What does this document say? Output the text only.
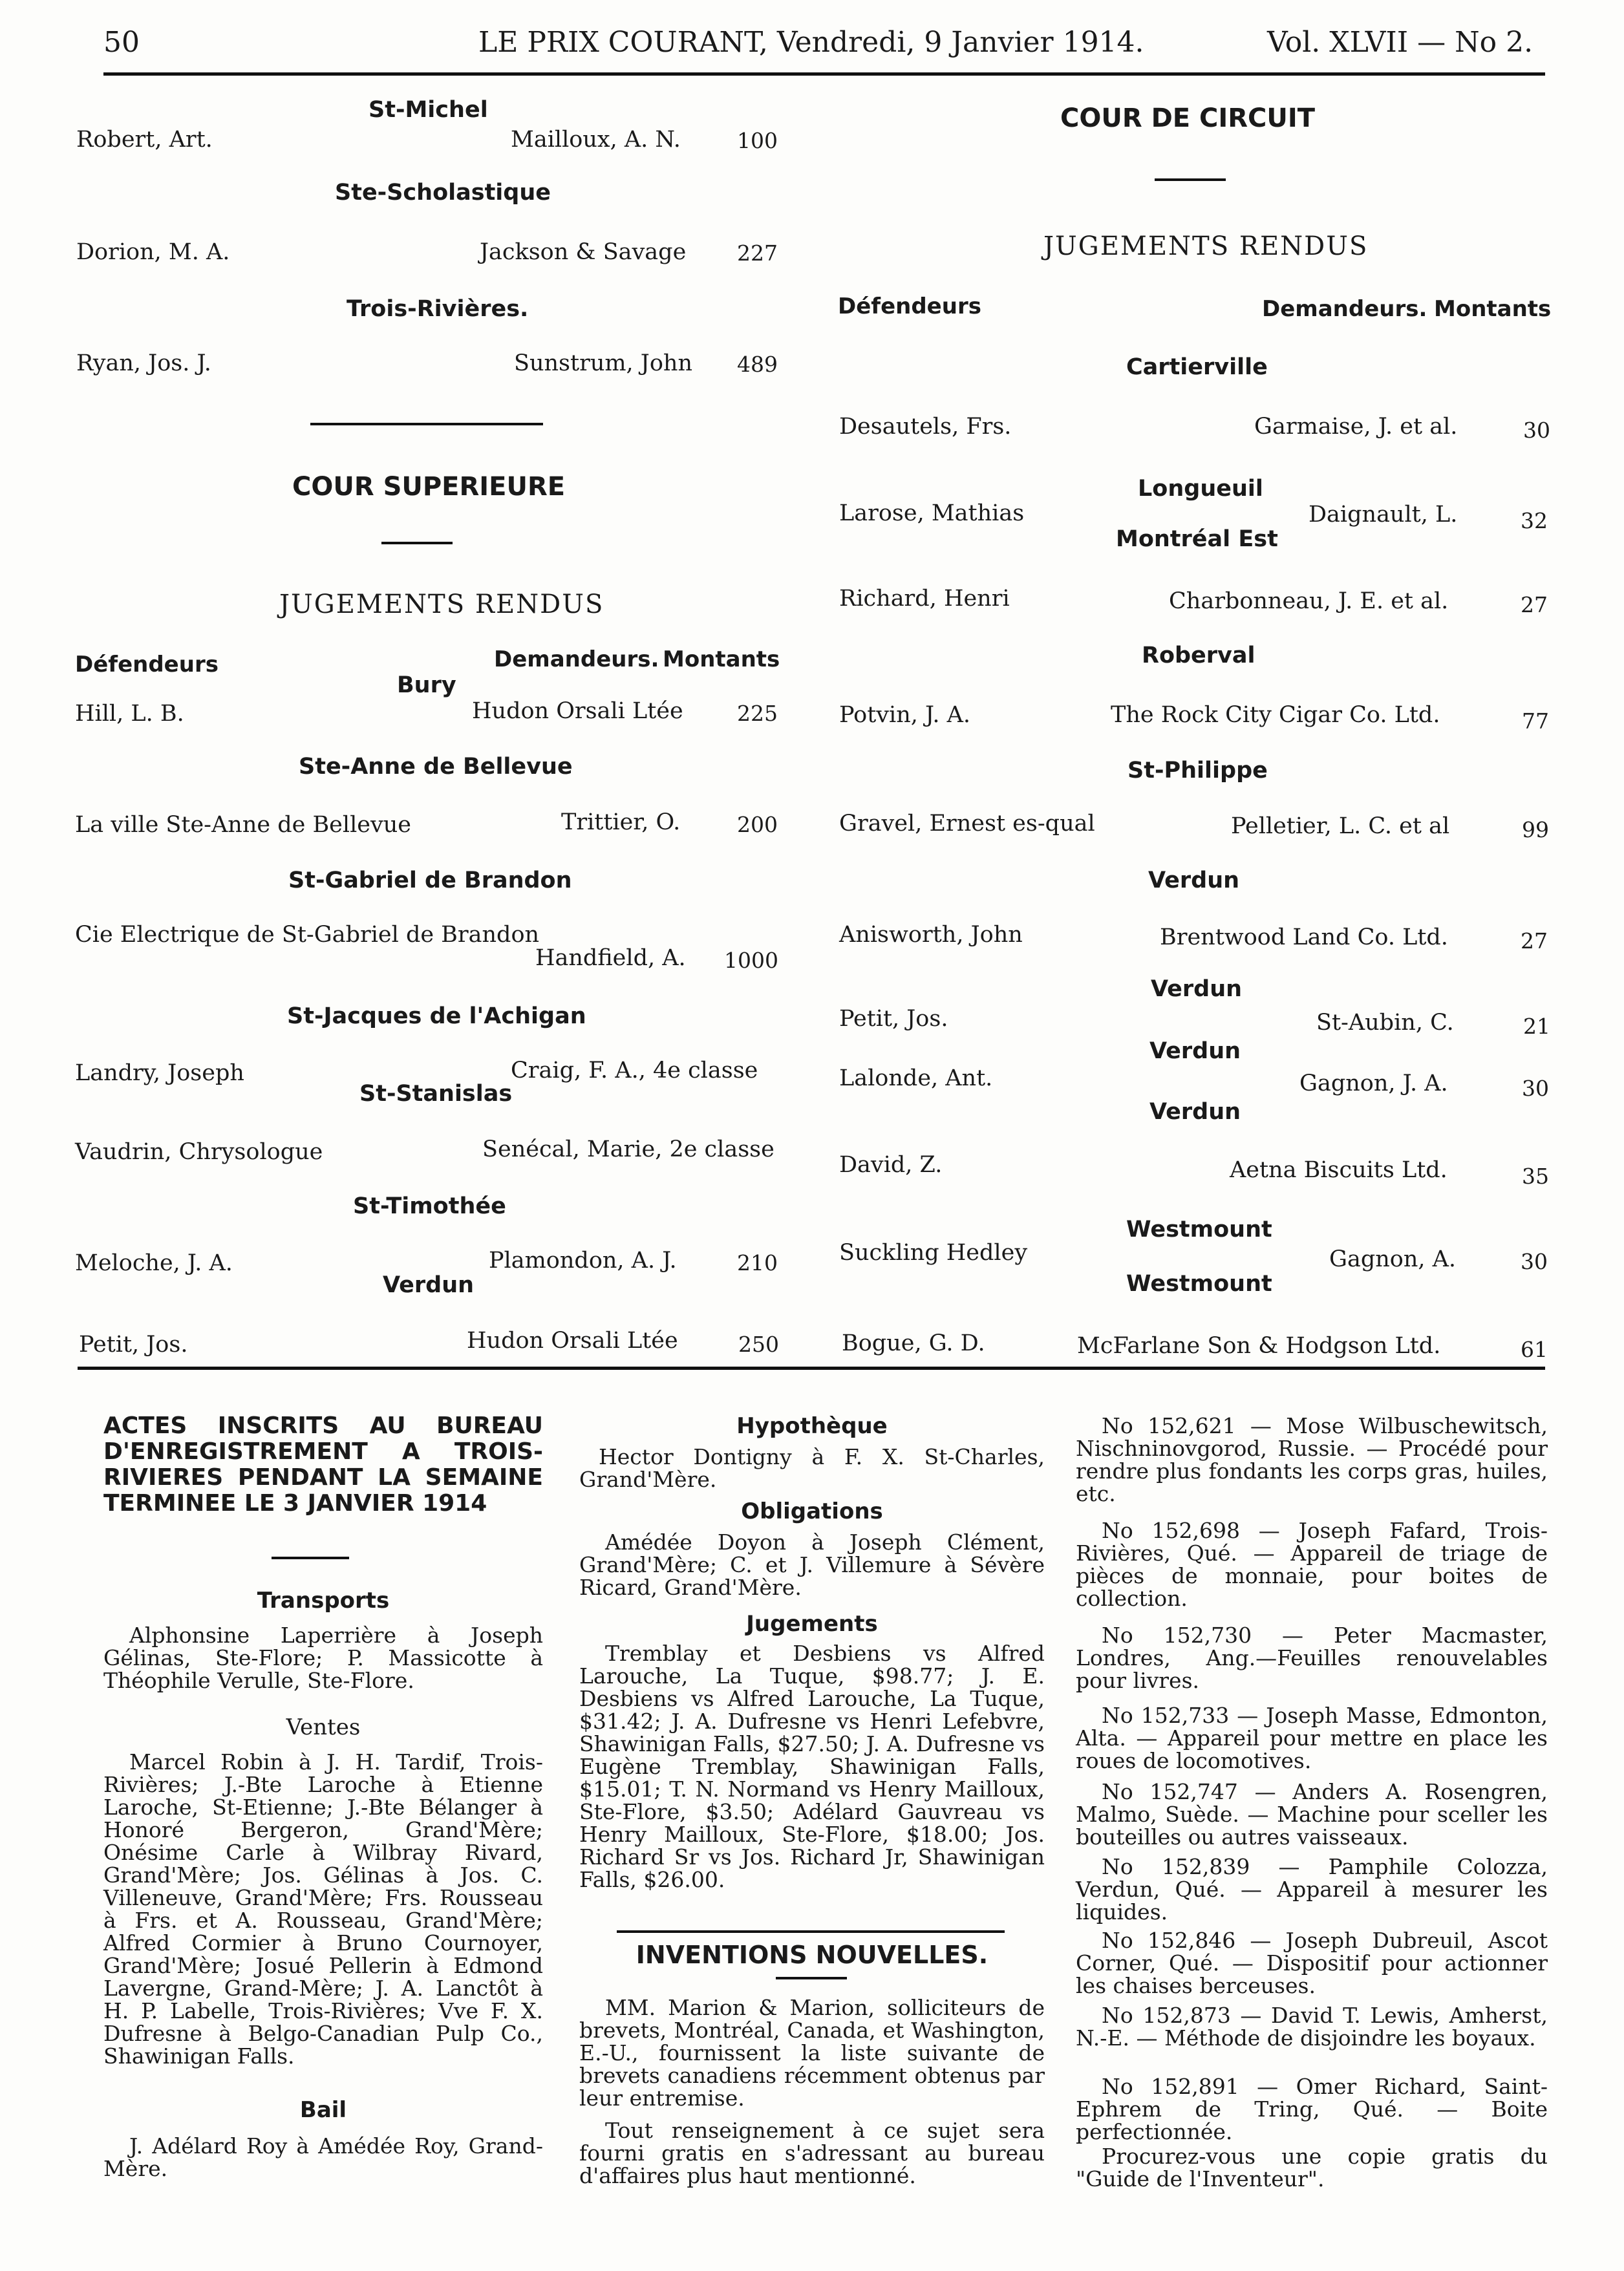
50	LE PRIX COURANT, Vendredi, 9 Janvier 1914.	Vol. XLVII — No 2.
St-Michel
Robert, Art.	Mailloux, A. N.	100
Ste-Scholastique
Dorion, M. A.	Jackson & Savage 227
Trois-Rivières.
Ryan, Jos. J.	Sunstrum, John 489
COUR SUPERIEURE
JUGEMENTS RENDUS
Défendeurs	Demandeurs. Montants
Bury
Hill, L. B.	Hudon Orsali Ltée	225
Ste-Anne de Bellevue
La ville Ste-Anne de Bellevue	Trittier, O.	200
St-Gabriel de Brandon
Cie Electrique de St-Gabriel de Brandon
Handfield, A. 1000
St-Jacques de l'Achigan
Landry, Joseph	Craig, F. A., 4e classe
St-Stanislas
Vaudrin, Chrysologue	Senécal, Marie, 2e classe
St-Timothée
Meloche, J. A.	Plamondon, A. J.	210
Verdun
Petit, Jos.	Hudon Orsali Ltée	250
COUR DE CIRCUIT
JUGEMENTS RENDUS
Défendeurs	Demandeurs. Montants
Cartierville
Desautels, Frs.	Garmaise, J. et al.	30
Longueuil
Larose, Mathias	Daignault, L.	32
Montréal Est
Richard, Henri	Charbonneau, J. E. et al.	27
Roberval
Potvin, J. A.	The Rock City Cigar Co. Ltd.	77
St-Philippe
Gravel, Ernest es-qual	Pelletier, L. C. et al	99
Verdun
Anisworth, John	Brentwood Land Co. Ltd.	27
Verdun
Petit, Jos.	St-Aubin, C.	21
Verdun
Lalonde, Ant.	Gagnon, J. A.	30
Verdun
David, Z.	Aetna Biscuits Ltd.	35
Westmount
Suckling Hedley	Gagnon, A.	30
Westmount
Bogue, G. D.	McFarlane Son & Hodgson Ltd.	61
ACTES INSCRITS AU BUREAU D'ENREGISTREMENT A TROIS-RIVIERES PENDANT LA SEMAINE TERMINEE LE 3 JANVIER 1914
Transports
Alphonsine Laperrière à Joseph Gélinas, Ste-Flore; P. Massicotte à Théophile Verulle, Ste-Flore.
Ventes
Marcel Robin à J. H. Tardif, Trois-Rivières; J.-Bte Laroche à Etienne Laroche, St-Etienne; J.-Bte Bélanger à Honoré Bergeron, Grand'Mère; Onésime Carle à Wilbray Rivard, Grand'Mère; Jos. Gélinas à Jos. C. Villeneuve, Grand'Mère; Frs. Rousseau à Frs. et A. Rousseau, Grand'Mère; Alfred Cormier à Bruno Cournoyer, Grand'Mère; Josué Pellerin à Edmond Lavergne, Grand-Mère; J. A. Lanctôt à H. P. Labelle, Trois-Rivières; Vve F. X. Dufresne à Belgo-Canadian Pulp Co., Shawinigan Falls.
Bail
J. Adélard Roy à Amédée Roy, Grand-Mère.
Hypothèque
Hector Dontigny à F. X. St-Charles, Grand'Mère.
Obligations
Amédée Doyon à Joseph Clément, Grand'Mère; C. et J. Villemure à Sévère Ricard, Grand'Mère.
Jugements
Tremblay et Desbiens vs Alfred Larouche, La Tuque, $98.77; J. E. Desbiens vs Alfred Larouche, La Tuque, $31.42; J. A. Dufresne vs Henri Lefebvre, Shawinigan Falls, $27.50; J. A. Dufresne vs Eugène Tremblay, Shawinigan Falls, $15.01; T. N. Normand vs Henry Mailloux, Ste-Flore, $3.50; Adélard Gauvreau vs Henry Mailloux, Ste-Flore, $18.00; Jos. Richard Sr vs Jos. Richard Jr, Shawinigan Falls, $26.00.
INVENTIONS NOUVELLES.
MM. Marion & Marion, solliciteurs de brevets, Montréal, Canada, et Washington, E.-U., fournissent la liste suivante de brevets canadiens récemment obtenus par leur entremise.
Tout renseignement à ce sujet sera fourni gratis en s'adressant au bureau d'affaires plus haut mentionné.
No 152,621 — Mose Wilbuschewitsch, Nischninovgorod, Russie. — Procédé pour rendre plus fondants les corps gras, huiles, etc.
No 152,698 — Joseph Fafard, Trois-Rivières, Qué. — Appareil de triage de pièces de monnaie, pour boites de collection.
No 152,730 — Peter Macmaster, Londres, Ang.—Feuilles renouvelables pour livres.
No 152,733 — Joseph Masse, Edmonton, Alta. — Appareil pour mettre en place les roues de locomotives.
No 152,747 — Anders A. Rosengren, Malmo, Suède. — Machine pour sceller les bouteilles ou autres vaisseaux.
No 152,839 — Pamphile Colozza, Verdun, Qué. — Appareil à mesurer les liquides.
No 152,846 — Joseph Dubreuil, Ascot Corner, Qué. — Dispositif pour actionner les chaises berceuses.
No 152,873 — David T. Lewis, Amherst, N.-E. — Méthode de disjoindre les boyaux.
No 152,891 — Omer Richard, Saint-Ephrem de Tring, Qué. — Boite perfectionnée.
Procurez-vous une copie gratis du "Guide de l'Inventeur".
